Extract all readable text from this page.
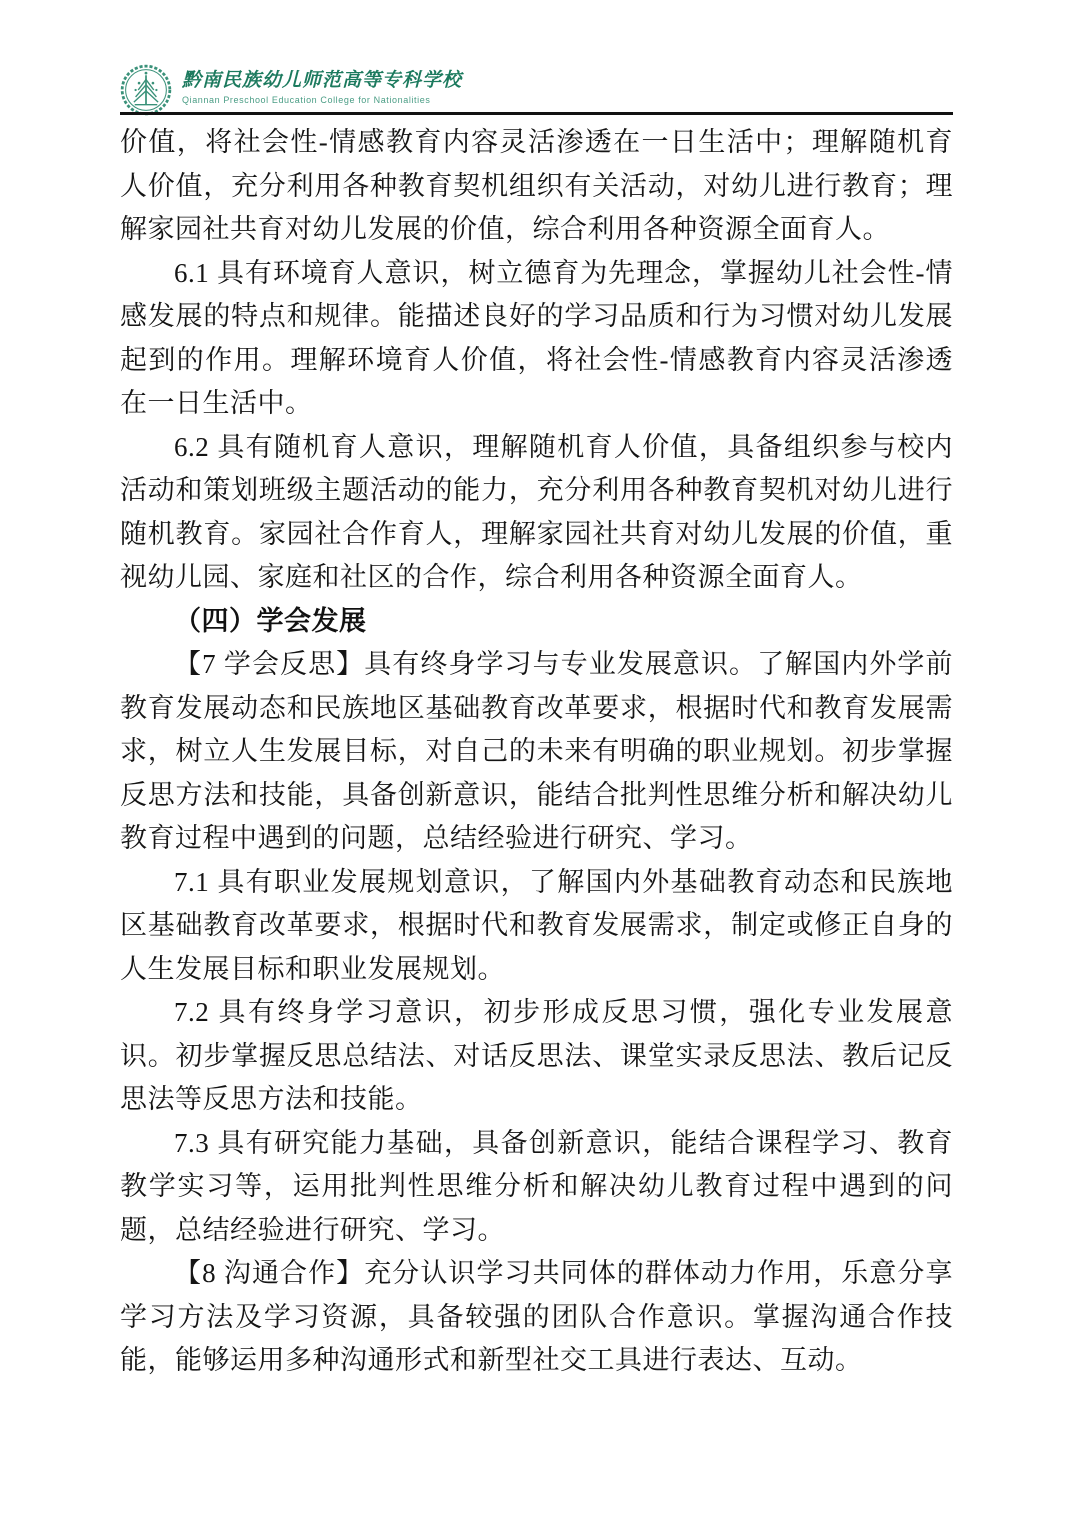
黔南民族幼儿师范高等专科学校
Qiannan Preschool Education College for Nationalities

价值，将社会性-情感教育内容灵活渗透在一日生活中；理解随机育人价值，充分利用各种教育契机组织有关活动，对幼儿进行教育；理解家园社共育对幼儿发展的价值，综合利用各种资源全面育人。

6.1 具有环境育人意识，树立德育为先理念，掌握幼儿社会性-情感发展的特点和规律。能描述良好的学习品质和行为习惯对幼儿发展起到的作用。理解环境育人价值，将社会性-情感教育内容灵活渗透在一日生活中。

6.2 具有随机育人意识，理解随机育人价值，具备组织参与校内活动和策划班级主题活动的能力，充分利用各种教育契机对幼儿进行随机教育。家园社合作育人，理解家园社共育对幼儿发展的价值，重视幼儿园、家庭和社区的合作，综合利用各种资源全面育人。

（四）学会发展

【7 学会反思】具有终身学习与专业发展意识。了解国内外学前教育发展动态和民族地区基础教育改革要求，根据时代和教育发展需求，树立人生发展目标，对自己的未来有明确的职业规划。初步掌握反思方法和技能，具备创新意识，能结合批判性思维分析和解决幼儿教育过程中遇到的问题，总结经验进行研究、学习。

7.1 具有职业发展规划意识，了解国内外基础教育动态和民族地区基础教育改革要求，根据时代和教育发展需求，制定或修正自身的人生发展目标和职业发展规划。

7.2 具有终身学习意识，初步形成反思习惯，强化专业发展意识。初步掌握反思总结法、对话反思法、课堂实录反思法、教后记反思法等反思方法和技能。

7.3 具有研究能力基础，具备创新意识，能结合课程学习、教育教学实习等，运用批判性思维分析和解决幼儿教育过程中遇到的问题，总结经验进行研究、学习。

【8 沟通合作】充分认识学习共同体的群体动力作用，乐意分享学习方法及学习资源，具备较强的团队合作意识。掌握沟通合作技能，能够运用多种沟通形式和新型社交工具进行表达、互动。
